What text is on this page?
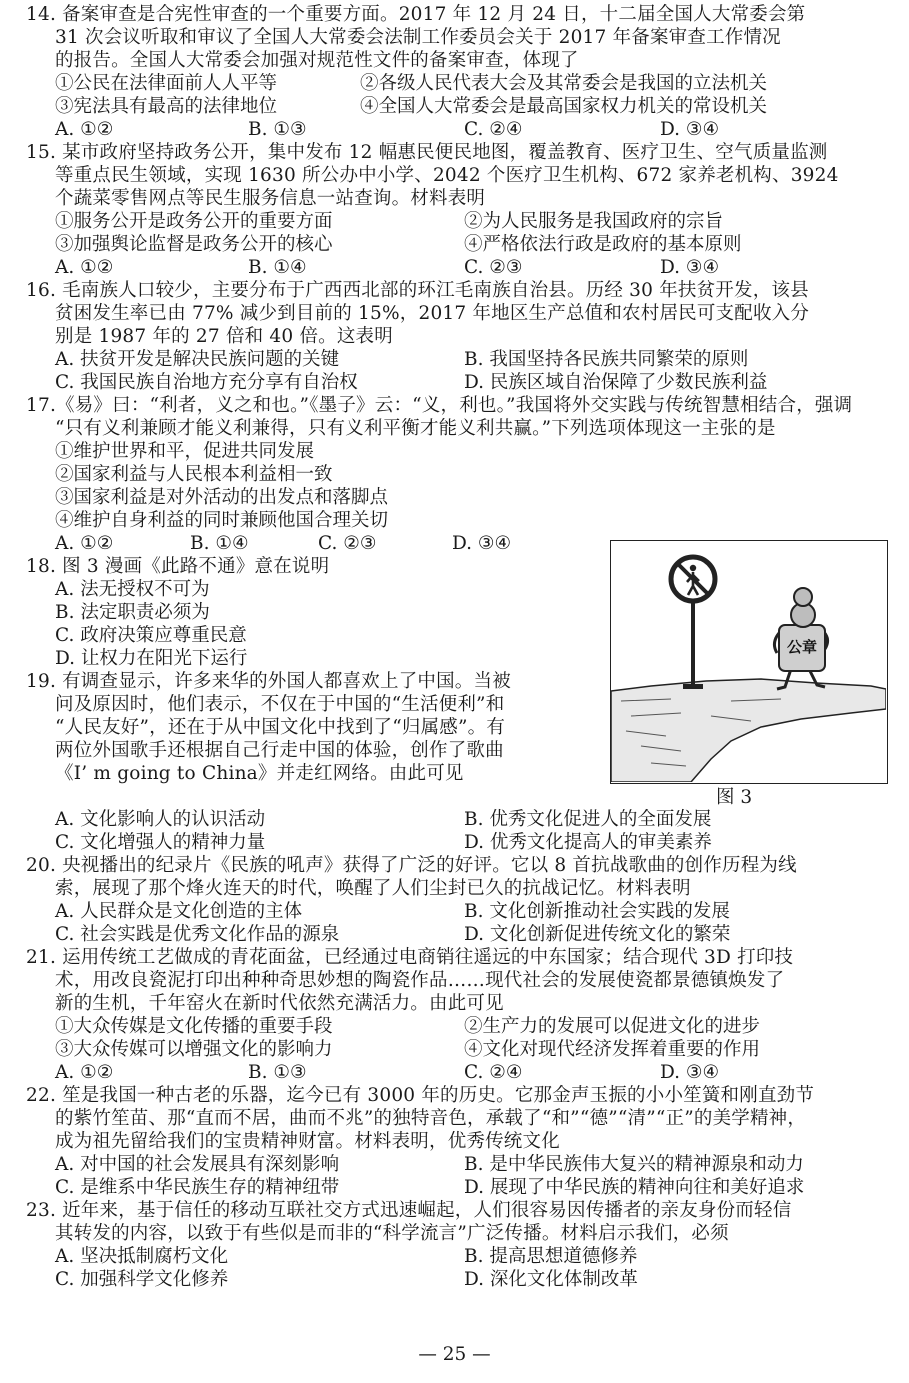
14. 备案审查是合宪性审查的一个重要方面。2017 年 12 月 24 日，十二届全国人大常委会第
31 次会议听取和审议了全国人大常委会法制工作委员会关于 2017 年备案审查工作情况
的报告。全国人大常委会加强对规范性文件的备案审查，体现了
①公民在法律面前人人平等	②各级人民代表大会及其常委会是我国的立法机关
③宪法具有最高的法律地位	④全国人大常委会是最高国家权力机关的常设机关
A. ①②	B. ①③	C. ②④	D. ③④
15. 某市政府坚持政务公开，集中发布 12 幅惠民便民地图，覆盖教育、医疗卫生、空气质量监测
等重点民生领域，实现 1630 所公办中小学、2042 个医疗卫生机构、672 家养老机构、3924
个蔬菜零售网点等民生服务信息一站查询。材料表明
①服务公开是政务公开的重要方面	②为人民服务是我国政府的宗旨
③加强舆论监督是政务公开的核心	④严格依法行政是政府的基本原则
A. ①②	B. ①④	C. ②③	D. ③④
16. 毛南族人口较少，主要分布于广西西北部的环江毛南族自治县。历经 30 年扶贫开发，该县
贫困发生率已由 77% 减少到目前的 15%，2017 年地区生产总值和农村居民可支配收入分
别是 1987 年的 27 倍和 40 倍。这表明
A. 扶贫开发是解决民族问题的关键	B. 我国坚持各民族共同繁荣的原则
C. 我国民族自治地方充分享有自治权	D. 民族区域自治保障了少数民族利益
17.《易》曰：“利者，义之和也。”《墨子》云：“义，利也。”我国将外交实践与传统智慧相结合，强调
“只有义利兼顾才能义利兼得，只有义利平衡才能义利共赢。”下列选项体现这一主张的是
①维护世界和平，促进共同发展
②国家利益与人民根本利益相一致
③国家利益是对外活动的出发点和落脚点
④维护自身利益的同时兼顾他国合理关切
A. ①②	B. ①④	C. ②③	D. ③④
18. 图 3 漫画《此路不通》意在说明
A. 法无授权不可为
B. 法定职责必须为
C. 政府决策应尊重民意
D. 让权力在阳光下运行
公章
图 3
19. 有调查显示，许多来华的外国人都喜欢上了中国。当被
问及原因时，他们表示，不仅在于中国的“生活便利”和
“人民友好”，还在于从中国文化中找到了“归属感”。有
两位外国歌手还根据自己行走中国的体验，创作了歌曲
《I’ m going to China》并走红网络。由此可见
A. 文化影响人的认识活动	B. 优秀文化促进人的全面发展
C. 文化增强人的精神力量	D. 优秀文化提高人的审美素养
20. 央视播出的纪录片《民族的吼声》获得了广泛的好评。它以 8 首抗战歌曲的创作历程为线
索，展现了那个烽火连天的时代，唤醒了人们尘封已久的抗战记忆。材料表明
A. 人民群众是文化创造的主体	B. 文化创新推动社会实践的发展
C. 社会实践是优秀文化作品的源泉	D. 文化创新促进传统文化的繁荣
21. 运用传统工艺做成的青花面盆，已经通过电商销往遥远的中东国家；结合现代 3D 打印技
术，用改良瓷泥打印出种种奇思妙想的陶瓷作品……现代社会的发展使瓷都景德镇焕发了
新的生机，千年窑火在新时代依然充满活力。由此可见
①大众传媒是文化传播的重要手段	②生产力的发展可以促进文化的进步
③大众传媒可以增强文化的影响力	④文化对现代经济发挥着重要的作用
A. ①②	B. ①③	C. ②④	D. ③④
22. 笙是我国一种古老的乐器，迄今已有 3000 年的历史。它那金声玉振的小小笙簧和刚直劲节
的紫竹笙苗、那“直而不居，曲而不兆”的独特音色，承载了“和”“德”“清”“正”的美学精神，
成为祖先留给我们的宝贵精神财富。材料表明，优秀传统文化
A. 对中国的社会发展具有深刻影响	B. 是中华民族伟大复兴的精神源泉和动力
C. 是维系中华民族生存的精神纽带	D. 展现了中华民族的精神向往和美好追求
23. 近年来，基于信任的移动互联社交方式迅速崛起，人们很容易因传播者的亲友身份而轻信
其转发的内容，以致于有些似是而非的“科学流言”广泛传播。材料启示我们，必须
A. 坚决抵制腐朽文化	B. 提高思想道德修养
C. 加强科学文化修养	D. 深化文化体制改革
— 25 —
